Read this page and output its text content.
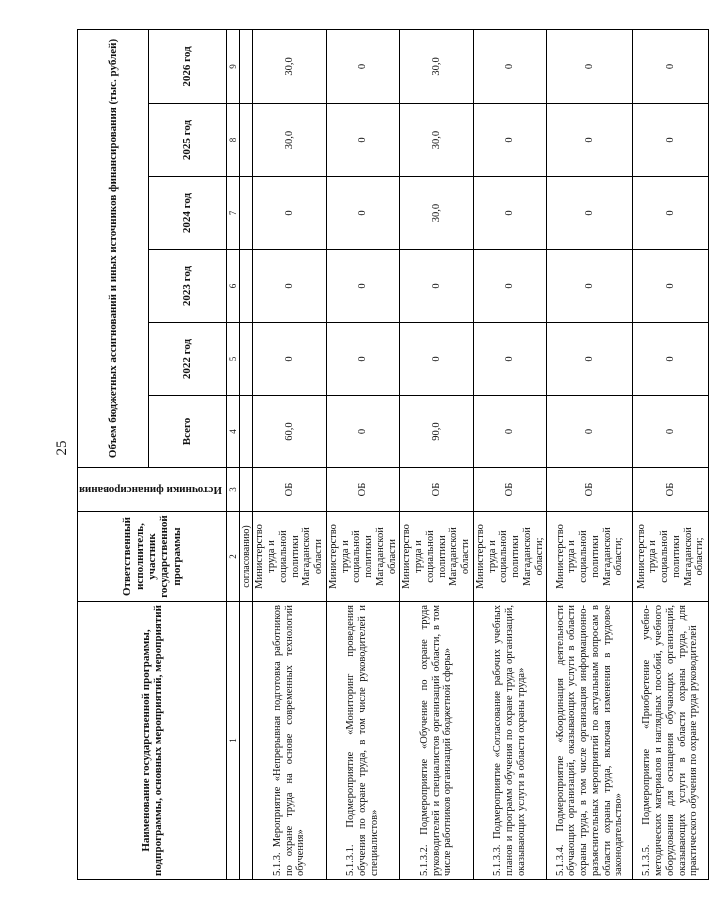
25
Наименование государственной программы, подпрограммы, основных мероприятий, мероприятий	Ответственный исполнитель, участник государственной программы	Источники финансирования	Объем бюджетных ассигнований и иных источников финансирования (тыс. рублей)					
			Всего	2022 год	2023 год	2024 год	2025 год	2026 год
1	2	3	4	5	6	7	8	9
	согласованию)							
5.1.3. Мероприятие «Непрерывная подготовка работников по охране труда на основе современных технологий обучения»	Министерство труда и социальной политики Магаданской области	ОБ	60,0	0	0	0	30,0	30,0
5.1.3.1. Подмероприятие «Мониторинг проведения обучения по охране труда, в том числе руководителей и специалистов»	Министерство труда и социальной политики Магаданской области	ОБ	0	0	0	0	0	0
5.1.3.2. Подмероприятие «Обучение по охране труда руководителей и специалистов организаций области, в том числе работников организаций бюджетной сферы»	Министерство труда и социальной политики Магаданской области	ОБ	90,0	0	0	30,0	30,0	30,0
5.1.3.3. Подмероприятие «Согласование рабочих учебных планов и программ обучения по охране труда организаций, оказывающих услуги в области охраны труда»	Министерство труда и социальной политики Магаданской области;	ОБ	0	0	0	0	0	0
5.1.3.4. Подмероприятие «Координация деятельности обучающих организаций, оказывающих услуги в области охраны труда, в том числе организация информационно-разъяснительных мероприятий по актуальным вопросам в области охраны труда, включая изменения в трудовое законодательство»	Министерство труда и социальной политики Магаданской области;	ОБ	0	0	0	0	0	0
5.1.3.5. Подмероприятие «Приобретение учебно-методических материалов и наглядных пособий, учебного оборудования для оснащения обучающих организаций, оказывающих услуги в области охраны труда, для практического обучения по охране труда руководителей	Министерство труда и социальной политики Магаданской области;	ОБ	0	0	0	0	0	0
